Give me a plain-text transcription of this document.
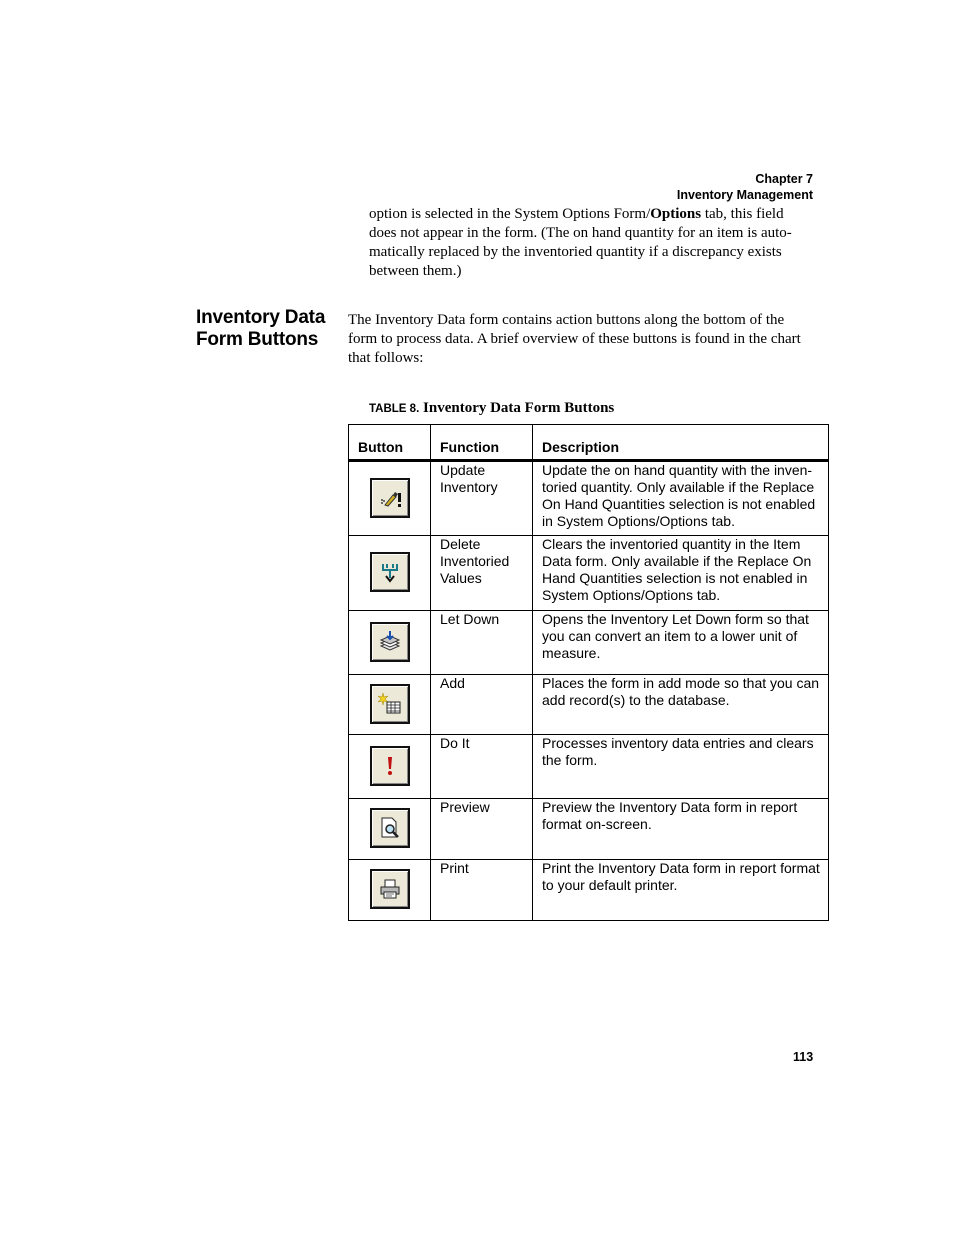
Chapter 7
Inventory Management
option is selected in the System Options Form/Options tab, this field does not appear in the form. (The on hand quantity for an item is auto-matically replaced by the inventoried quantity if a discrepancy exists between them.)
Inventory Data Form Buttons
The Inventory Data form contains action buttons along the bottom of the form to process data. A brief overview of these buttons is found in the chart that follows:
TABLE 8. Inventory Data Form Buttons
Button	Function	Description

	Update Inventory	Update the on hand quantity with the inven-toried quantity. Only available if the Replace On Hand Quantities selection is not enabled in System Options/Options tab.

	Delete Inventoried Values	Clears the inventoried quantity in the Item Data form. Only available if the Replace On Hand Quantities selection is not enabled in System Options/Options tab.

	Let Down	Opens the Inventory Let Down form so that you can convert an item to a lower unit of measure.

	Add	Places the form in add mode so that you can add record(s) to the database.

	Do It	Processes inventory data entries and clears the form.

	Preview	Preview the Inventory Data form in report format on-screen.

	Print	Print the Inventory Data form in report format to your default printer.
113
